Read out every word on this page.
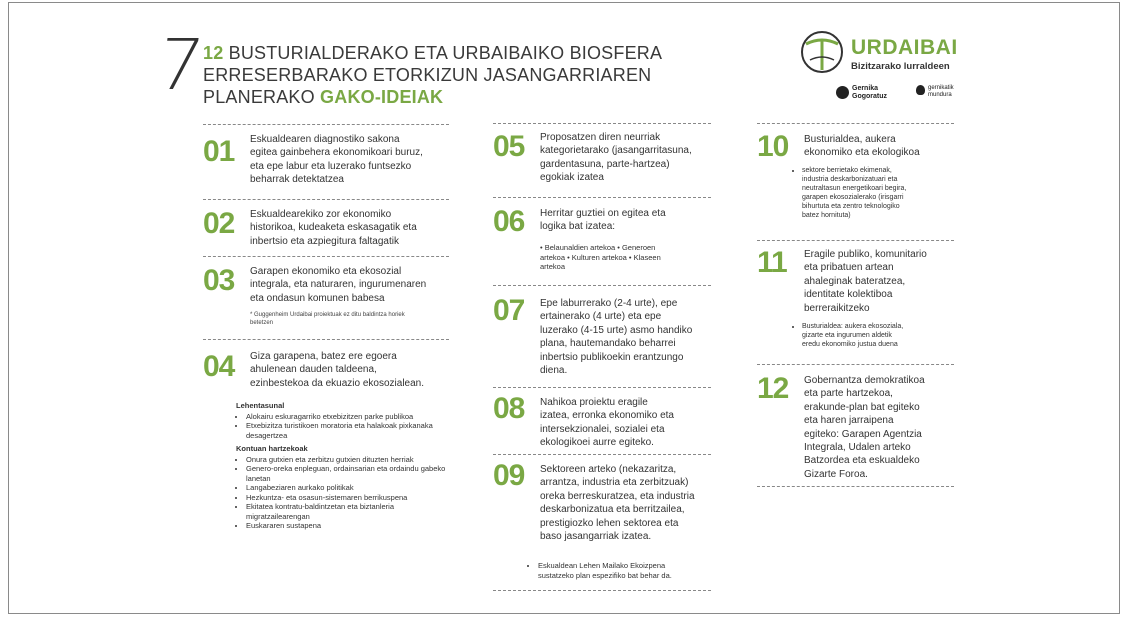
7
12 BUSTURIALDERAKO ETA URBAIBAIKO BIOSFERA
ERRESERBARAKO ETORKIZUN JASANGARRIAREN
PLANERAKO GAKO-IDEIAK
URDAIBAI
Bizitzarako lurraldeen
Gernika
Gogoratuz
gernikatik
mundura
01 Eskualdearen diagnostiko sakona
egitea gainbehera ekonomikoari buruz,
eta epe labur eta luzerako funtsezko
beharrak detektatzea
02 Eskualdearekiko zor ekonomiko
historikoa, kudeaketa eskasagatik eta
inbertsio eta azpiegitura faltagatik
03 Garapen ekonomiko eta ekosozial
integrala, eta naturaren, ingurumenaren
eta ondasun komunen babesa
* Guggenheim Urdaibai proiektuak ez ditu baldintza horiek
betetzen
04 Giza garapena, batez ere egoera
ahulenean dauden taldeena,
ezinbestekoa da ekuazio ekosozialean.
Lehentasunal
• Alokairu eskuragarriko etxebizitzen parke publikoa
• Etxebizitza turistikoen moratoria eta halakoak pixkanaka desagertzea
Kontuan hartzekoak
• Onura gutxien eta zerbitzu gutxien dituzten herriak
• Genero-oreka enpleguan, ordainsarian eta ordaindu gabeko lanetan
• Langabeziaren aurkako politikak
• Hezkuntza- eta osasun-sistemaren berrikuspena
• Ekitatea kontratu-baldintzetan eta biztanleria migratzailearengan
• Euskararen sustapena
05 Proposatzen diren neurriak
kategorietarako (jasangarritasuna,
gardentasuna, parte-hartzea)
egokiak izatea
06 Herritar guztiei on egitea eta
logika bat izatea:
• Belaunaldien artekoa • Generoen
artekoa • Kulturen artekoa • Klaseen
artekoa
07 Epe laburrerako (2-4 urte), epe
ertainerako (4 urte) eta epe
luzerako (4-15 urte) asmo handiko
plana, hautemandako beharrei
inbertsio publikoekin erantzungo
diena.
08 Nahikoa proiektu eragile
izatea, erronka ekonomiko eta
intersekzionalei, sozialei eta
ekologikoei aurre egiteko.
09 Sektoreen arteko (nekazaritza,
arrantza, industria eta zerbitzuak)
oreka berreskuratzea, eta industria
deskarbonizatua eta berritzailea,
prestigiozko lehen sektorea eta
baso jasangarriak izatea.
• Eskualdean Lehen Mailako Ekoizpena
sustatzeko plan espezifiko bat behar da.
10 Busturialdea, aukera
ekonomiko eta ekologikoa
• sektore berrietako ekimenak,
industria deskarbonizatuari eta
neutraltasun energetikoari begira,
garapen ekosozialerako (irisgarri
bihurtuta eta zentro teknologiko
batez hornituta)
11 Eragile publiko, komunitario
eta pribatuen artean
ahaleginak bateratzea,
identitate kolektiboa
berreraikitzeko
• Busturialdea: aukera ekosoziala,
gizarte eta ingurumen aldetik
eredu ekonomiko justua duena
12 Gobernantza demokratikoa
eta parte hartzekoa,
erakunde-plan bat egiteko
eta haren jarraipena
egiteko: Garapen Agentzia
Integrala, Udalen arteko
Batzordea eta eskualdeko
Gizarte Foroa.
